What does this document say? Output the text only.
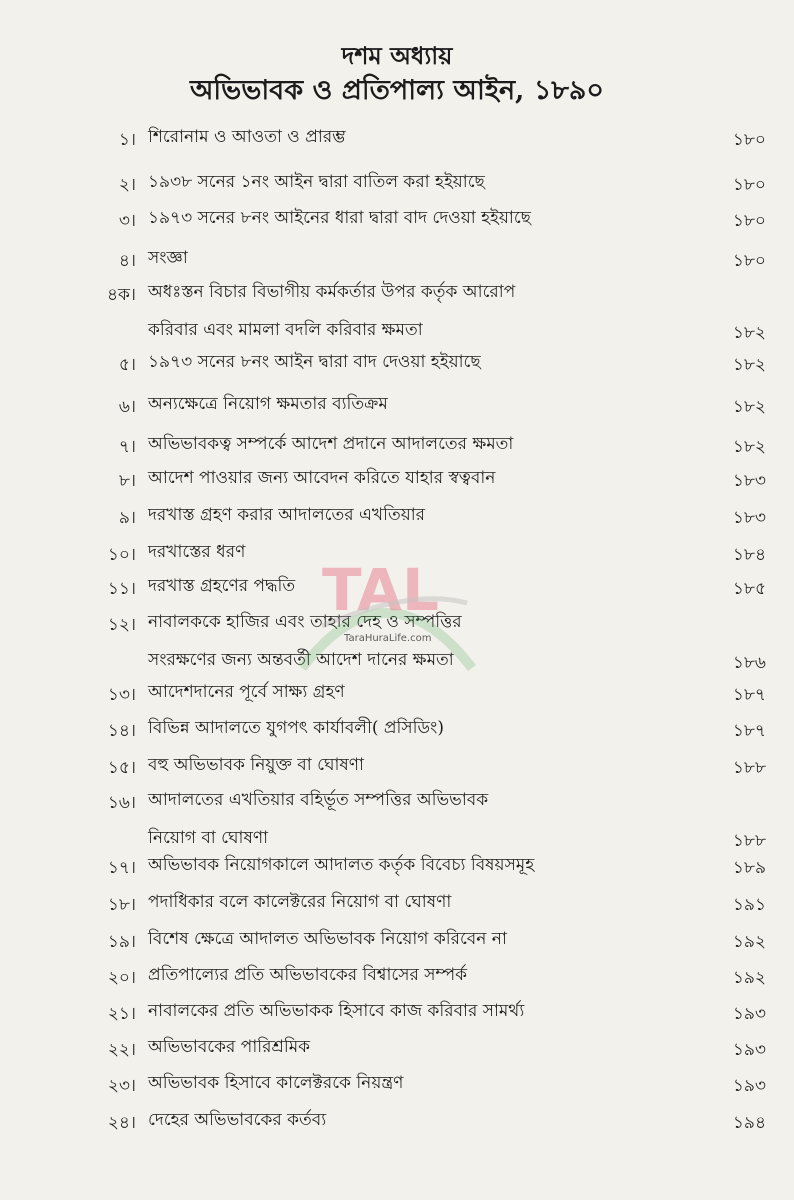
দশম অধ্যায়
অভিভাবক ও প্রতিপাল্য আইন, ১৮৯০
১। শিরোনাম ও আওতা ও প্রারম্ভ	১৮০
২। ১৯৩৮ সনের ১নং আইন দ্বারা বাতিল করা হইয়াছে	১৮০
৩। ১৯৭৩ সনের ৮নং আইনের ধারা দ্বারা বাদ দেওয়া হইয়াছে	১৮০
৪। সংজ্ঞা	১৮০
৪ক। অধঃস্তন বিচার বিভাগীয় কর্মকর্তার উপর কর্তৃক আরোপ
করিবার এবং মামলা বদলি করিবার ক্ষমতা	১৮২
৫। ১৯৭৩ সনের ৮নং আইন দ্বারা বাদ দেওয়া হইয়াছে	১৮২
৬। অন্যক্ষেত্রে নিয়োগ ক্ষমতার ব্যতিক্রম	১৮২
৭। অভিভাবকত্ব সম্পর্কে আদেশ প্রদানে আদালতের ক্ষমতা	১৮২
৮। আদেশ পাওয়ার জন্য আবেদন করিতে যাহার স্বত্ববান	১৮৩
৯। দরখাস্ত গ্রহণ করার আদালতের এখতিয়ার	১৮৩
১০। দরখাস্তের ধরণ	১৮৪
১১। দরখাস্ত গ্রহণের পদ্ধতি	১৮৫
১২। নাবালককে হাজির এবং তাহার দেহ ও সম্পত্তির
সংরক্ষণের জন্য অন্তবর্তী আদেশ দানের ক্ষমতা	১৮৬
১৩। আদেশদানের পূর্বে সাক্ষ্য গ্রহণ	১৮৭
১৪। বিভিন্ন আদালতে যুগপৎ কার্যাবলী( প্রসিডিং)	১৮৭
১৫। বহু অভিভাবক নিয়ুক্ত বা ঘোষণা	১৮৮
১৬। আদালতের এখতিয়ার বহির্ভূত সম্পত্তির অভিভাবক
নিয়োগ বা ঘোষণা	১৮৮
১৭। অভিভাবক নিয়োগকালে আদালত কর্তৃক বিবেচ্য বিষয়সমূহ	১৮৯
১৮। পদাধিকার বলে কালেক্টরের নিয়োগ বা ঘোষণা	১৯১
১৯। বিশেষ ক্ষেত্রে আদালত অভিভাবক নিয়োগ করিবেন না	১৯২
২০। প্রতিপাল্যের প্রতি অভিভাবকের বিশ্বাসের সম্পর্ক	১৯২
২১। নাবালকের প্রতি অভিভাকক হিসাবে কাজ করিবার সামর্থ্য	১৯৩
২২। অভিভাবকের পারিশ্রমিক	১৯৩
২৩। অভিভাবক হিসাবে কালেক্টরকে নিয়ন্ত্রণ	১৯৩
২৪। দেহের অভিভাবকের কর্তব্য	১৯৪
TAL
TaraHuraLife.com
